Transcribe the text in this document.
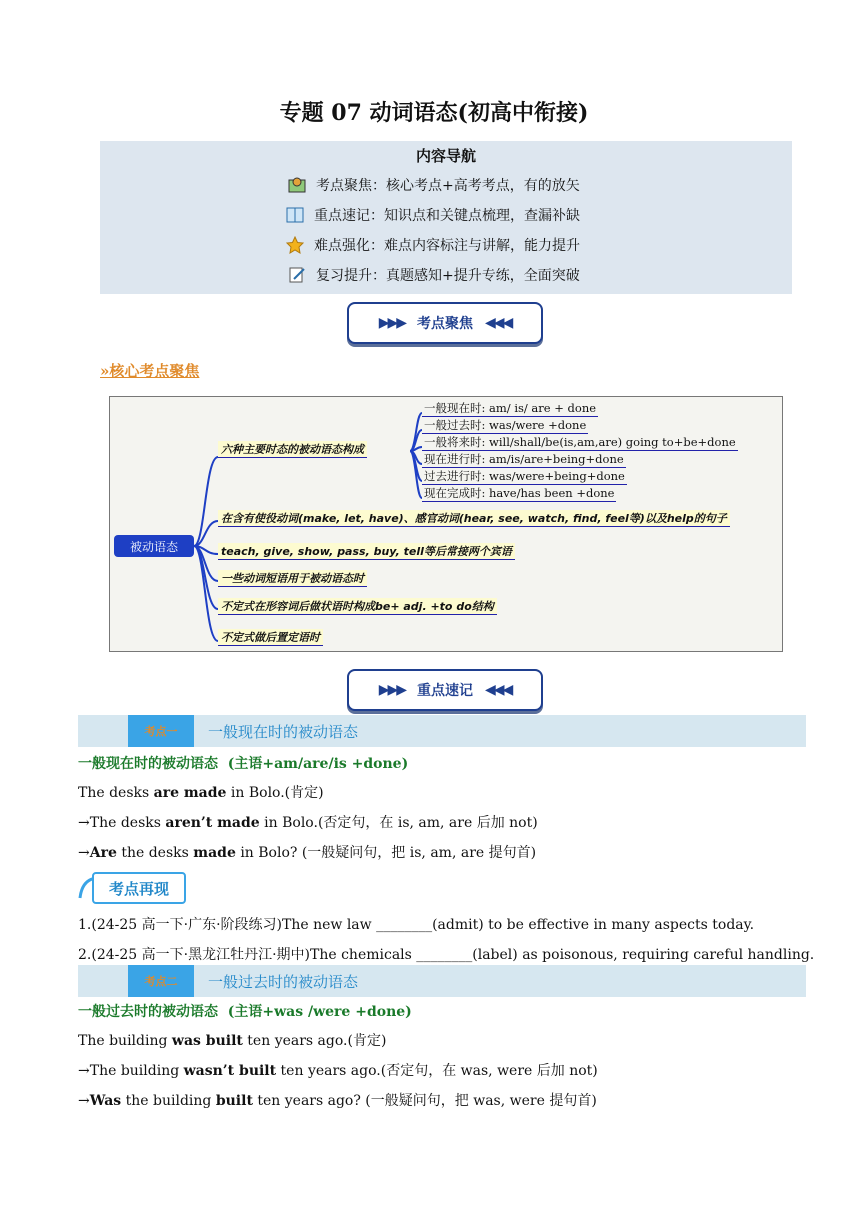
专题 07 动词语态(初高中衔接)
内容导航
考点聚焦：核心考点+高考考点，有的放矢
重点速记：知识点和关键点梳理，查漏补缺
难点强化：难点内容标注与讲解，能力提升
复习提升：真题感知+提升专练，全面突破
▶▶▶ 考点聚焦 ◀◀◀
»核心考点聚焦
被动语态
六种主要时态的被动语态构成
在含有使役动词(make, let, have)、感官动词(hear, see, watch, find, feel等)以及help的句子
teach, give, show, pass, buy, tell等后常接两个宾语
一些动词短语用于被动语态时
不定式在形容词后做状语时构成be+ adj. +to do结构
不定式做后置定语时
一般现在时: am/ is/ are + done
一般过去时: was/were +done
一般将来时: will/shall/be(is,am,are) going to+be+done
现在进行时: am/is/are+being+done
过去进行时: was/were+being+done
现在完成时: have/has been +done
▶▶▶ 重点速记 ◀◀◀
考点一	一般现在时的被动语态
一般现在时的被动语态 (主语+am/are/is +done)
The desks are made in Bolo.(肯定)
→The desks aren’t made in Bolo.(否定句，在 is, am, are 后加 not)
→Are the desks made in Bolo? (一般疑问句，把 is, am, are 提句首)
考点再现
1.(24-25 高一下·广东·阶段练习)The new law ________(admit) to be effective in many aspects today.
2.(24-25 高一下·黑龙江牡丹江·期中)The chemicals ________(label) as poisonous, requiring careful handling.
考点二	一般过去时的被动语态
一般过去时的被动语态 (主语+was /were +done)
The building was built ten years ago.(肯定)
→The building wasn’t built ten years ago.(否定句，在 was, were 后加 not)
→Was the building built ten years ago? (一般疑问句，把 was, were 提句首)
